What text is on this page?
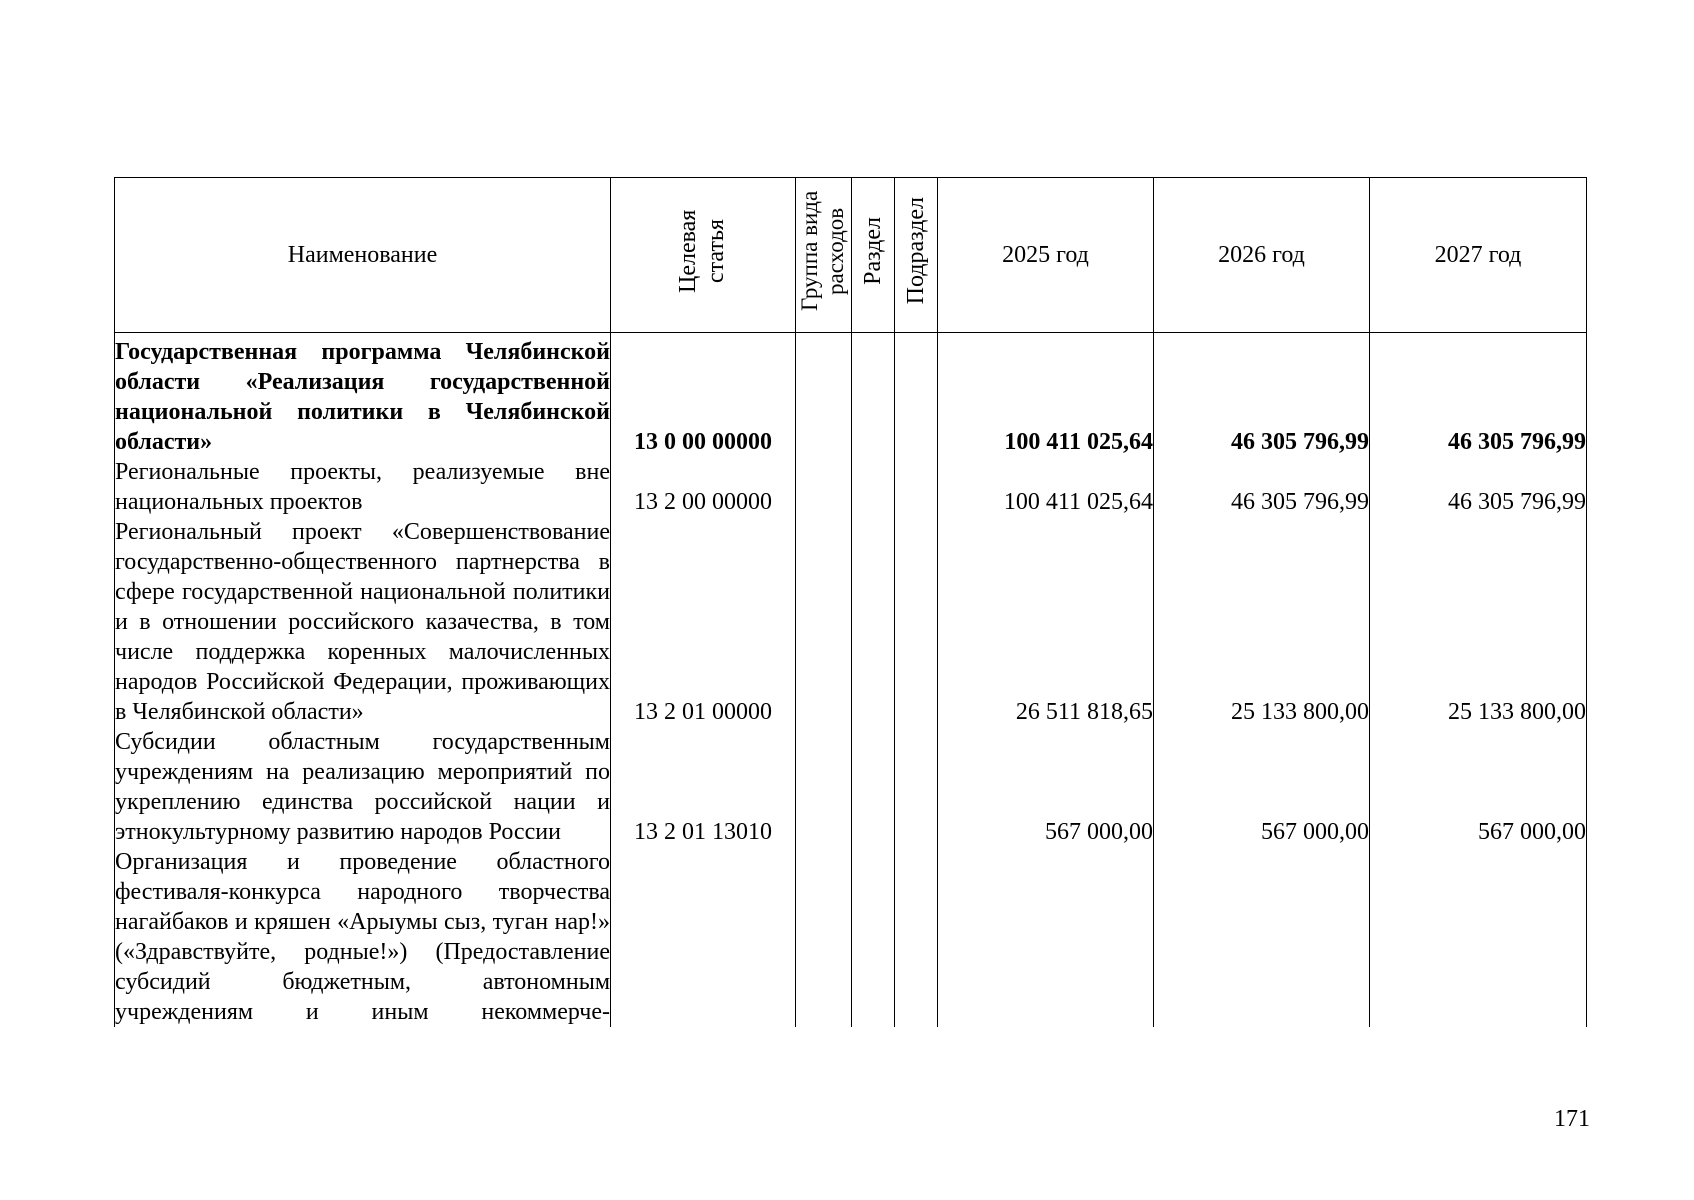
Наименование	Целевая статья	Группа вида расходов	Раздел	Подраздел	2025 год	2026 год	2027 год
Государственная программа Челябинской области «Реализация государственной национальной политики в Челябинской области»	13 0 00 00000				100 411 025,64	46 305 796,99	46 305 796,99
Региональные проекты, реализуемые вне национальных проектов	13 2 00 00000				100 411 025,64	46 305 796,99	46 305 796,99
Региональный проект «Совершенствование государственно-общественного партнерства в сфере государственной национальной политики и в отношении российского казачества, в том числе поддержка коренных малочисленных народов Российской Федерации, проживающих в Челябинской области»	13 2 01 00000				26 511 818,65	25 133 800,00	25 133 800,00
Субсидии областным государственным учреждениям на реализацию мероприятий по укреплению единства российской нации и этнокультурному развитию народов России	13 2 01 13010				567 000,00	567 000,00	567 000,00
Организация и проведение областного фестиваля-конкурса народного творчества нагайбаков и кряшен «Арыумы сыз, туган нар!» («Здравствуйте, родные!») (Предоставление субсидий бюджетным, автономным учреждениям и иным некоммерче-							
171
